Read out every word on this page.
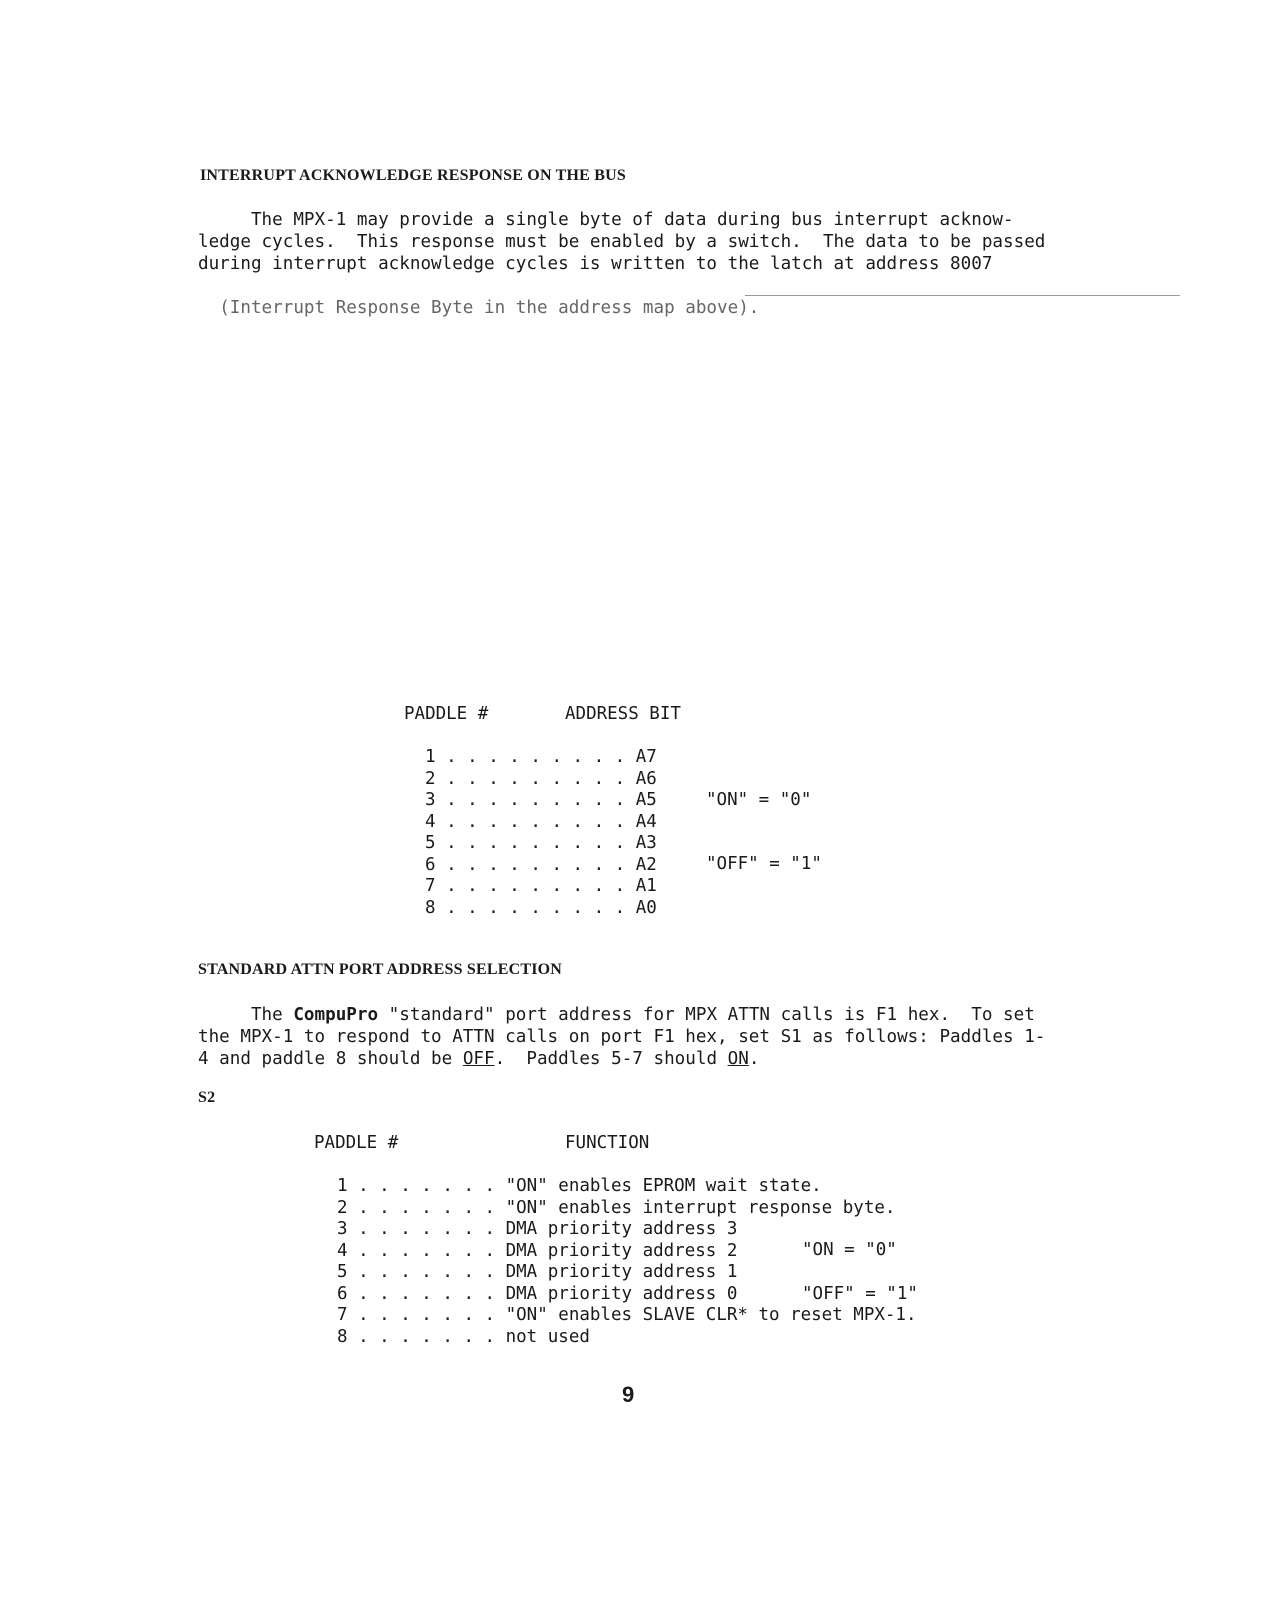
INTERRUPT ACKNOWLEDGE RESPONSE ON THE BUS
The MPX-1 may provide a single byte of data during bus interrupt acknow-
ledge cycles.  This response must be enabled by a switch.  The data to be passed
during interrupt acknowledge cycles is written to the latch at address 8007

(Interrupt Response Byte in the address map above).

PADDLE #	ADDRESS BIT
1 . . . . . . . . . A7
2 . . . . . . . . . A6
3 . . . . . . . . . A5
4 . . . . . . . . . A4
5 . . . . . . . . . A3
6 . . . . . . . . . A2
7 . . . . . . . . . A1
8 . . . . . . . . . A0
"ON" = "0"
"OFF" = "1"
STANDARD ATTN PORT ADDRESS SELECTION
The CompuPro "standard" port address for MPX ATTN calls is F1 hex.  To set
the MPX-1 to respond to ATTN calls on port F1 hex, set S1 as follows: Paddles 1-
4 and paddle 8 should be OFF.  Paddles 5-7 should ON.
S2
PADDLE #	FUNCTION
1 . . . . . . . "ON" enables EPROM wait state.
2 . . . . . . . "ON" enables interrupt response byte.
3 . . . . . . . DMA priority address 3
4 . . . . . . . DMA priority address 2
5 . . . . . . . DMA priority address 1
6 . . . . . . . DMA priority address 0
7 . . . . . . . "ON" enables SLAVE CLR* to reset MPX-1.
8 . . . . . . . not used
"ON = "0"
"OFF" = "1"
9
